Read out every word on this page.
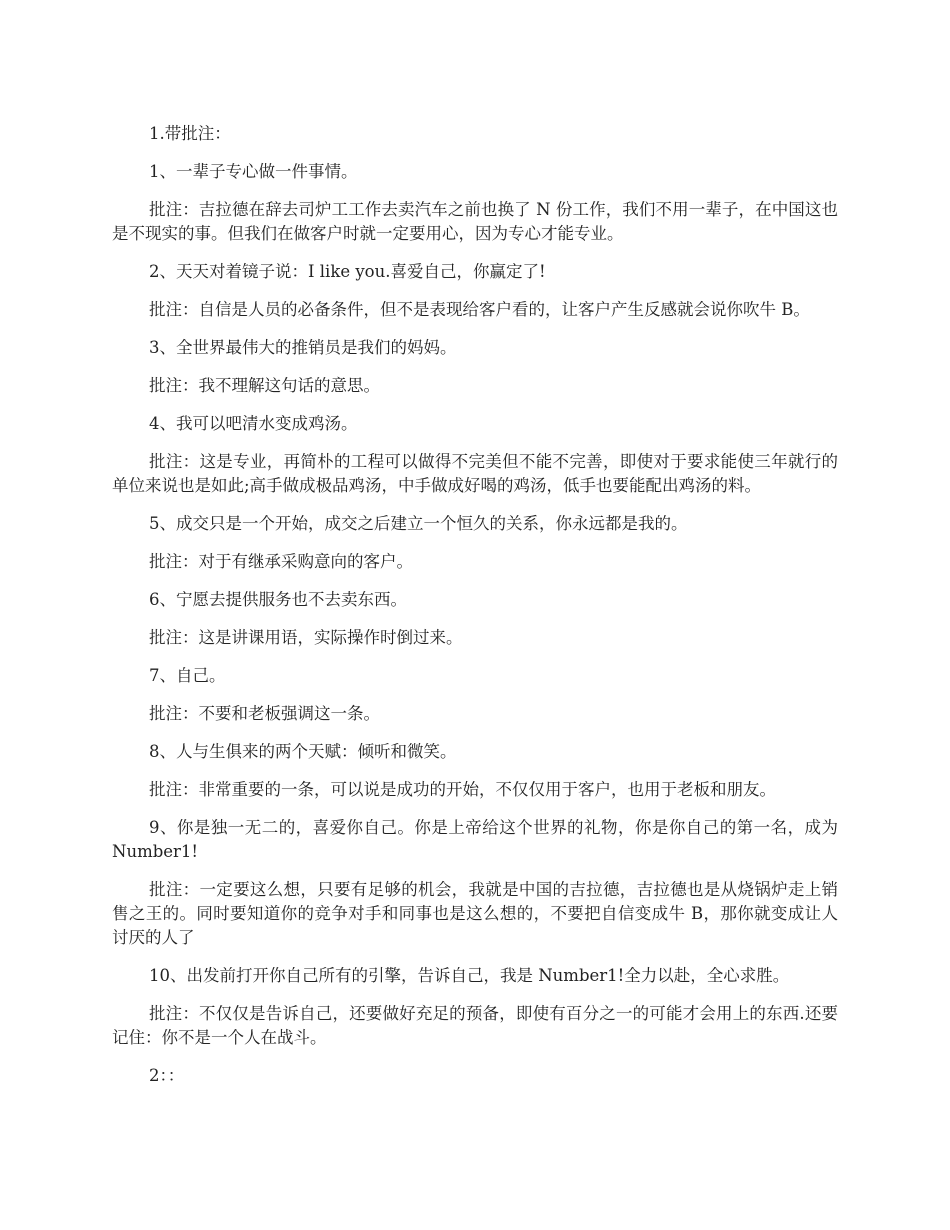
1.带批注：

1、一辈子专心做一件事情。

批注：吉拉德在辞去司炉工工作去卖汽车之前也换了 N 份工作，我们不用一辈子，在中国这也是不现实的事。但我们在做客户时就一定要用心，因为专心才能专业。

2、天天对着镜子说：I like you.喜爱自己，你赢定了!

批注：自信是人员的必备条件，但不是表现给客户看的，让客户产生反感就会说你吹牛 B。

3、全世界最伟大的推销员是我们的妈妈。

批注：我不理解这句话的意思。

4、我可以吧清水变成鸡汤。

批注：这是专业，再简朴的工程可以做得不完美但不能不完善，即使对于要求能使三年就行的单位来说也是如此;高手做成极品鸡汤，中手做成好喝的鸡汤，低手也要能配出鸡汤的料。

5、成交只是一个开始，成交之后建立一个恒久的关系，你永远都是我的。

批注：对于有继承采购意向的客户。

6、宁愿去提供服务也不去卖东西。

批注：这是讲课用语，实际操作时倒过来。

7、自己。

批注：不要和老板强调这一条。

8、人与生俱来的两个天赋：倾听和微笑。

批注：非常重要的一条，可以说是成功的开始，不仅仅用于客户，也用于老板和朋友。

9、你是独一无二的，喜爱你自己。你是上帝给这个世界的礼物，你是你自己的第一名，成为 Number1!

批注：一定要这么想，只要有足够的机会，我就是中国的吉拉德，吉拉德也是从烧锅炉走上销售之王的。同时要知道你的竞争对手和同事也是这么想的，不要把自信变成牛 B，那你就变成让人讨厌的人了

10、出发前打开你自己所有的引擎，告诉自己，我是 Number1!全力以赴，全心求胜。

批注：不仅仅是告诉自己，还要做好充足的预备，即使有百分之一的可能才会用上的东西.还要记住：你不是一个人在战斗。

2：：
